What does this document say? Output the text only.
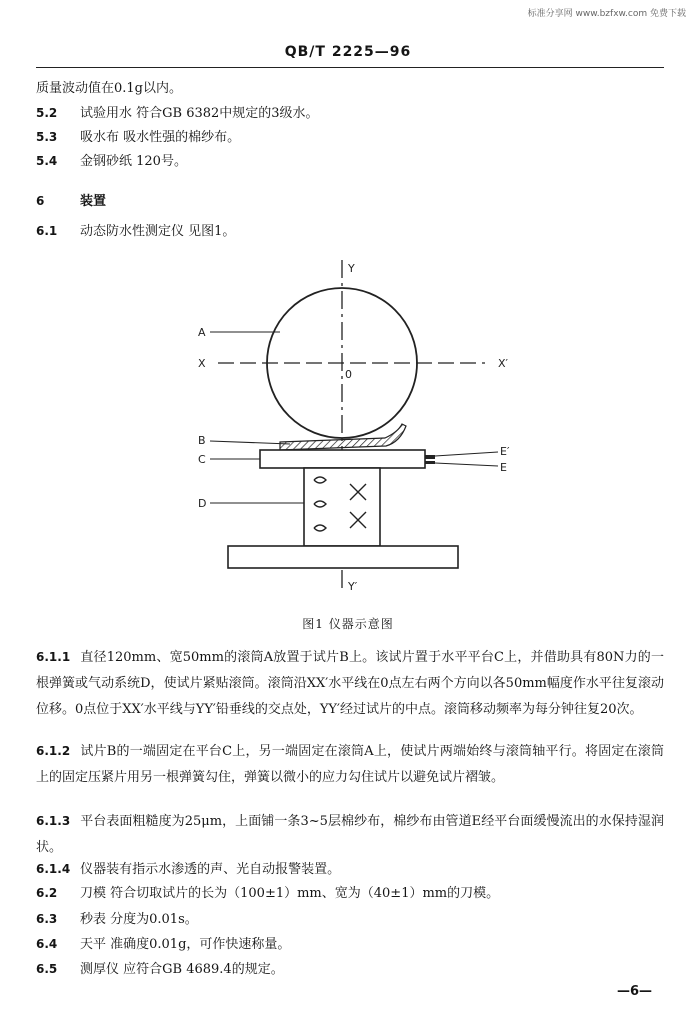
标准分享网 www.bzfxw.com 免费下载
QB/T 2225—96
质量波动值在0.1g以内。
5.2 试验用水 符合GB 6382中规定的3级水。
5.3 吸水布 吸水性强的棉纱布。
5.4 金钢砂纸 120号。
6	装置
6.1 动态防水性测定仪 见图1。
Y
Y′
X	X′
0
A
B
C
D
E′
E
图1 仪器示意图
6.1.1 直径120mm、宽50mm的滚筒A放置于试片B上。该试片置于水平平台C上，并借助具有80N力的一根弹簧或气动系统D，使试片紧贴滚筒。滚筒沿XX′水平线在0点左右两个方向以各50mm幅度作水平往复滚动位移。0点位于XX′水平线与YY′铅垂线的交点处，YY′经过试片的中点。滚筒移动频率为每分钟往复20次。
6.1.2 试片B的一端固定在平台C上，另一端固定在滚筒A上，使试片两端始终与滚筒轴平行。将固定在滚筒上的固定压紧片用另一根弹簧勾住，弹簧以微小的应力勾住试片以避免试片褶皱。
6.1.3 平台表面粗糙度为25μm，上面铺一条3~5层棉纱布，棉纱布由管道E经平台面缓慢流出的水保持湿润状。
6.1.4 仪器装有指示水渗透的声、光自动报警装置。
6.2 刀模 符合切取试片的长为（100±1）mm、宽为（40±1）mm的刀模。
6.3 秒表 分度为0.01s。
6.4 天平 准确度0.01g，可作快速称量。
6.5 测厚仪 应符合GB 4689.4的规定。
—6—
